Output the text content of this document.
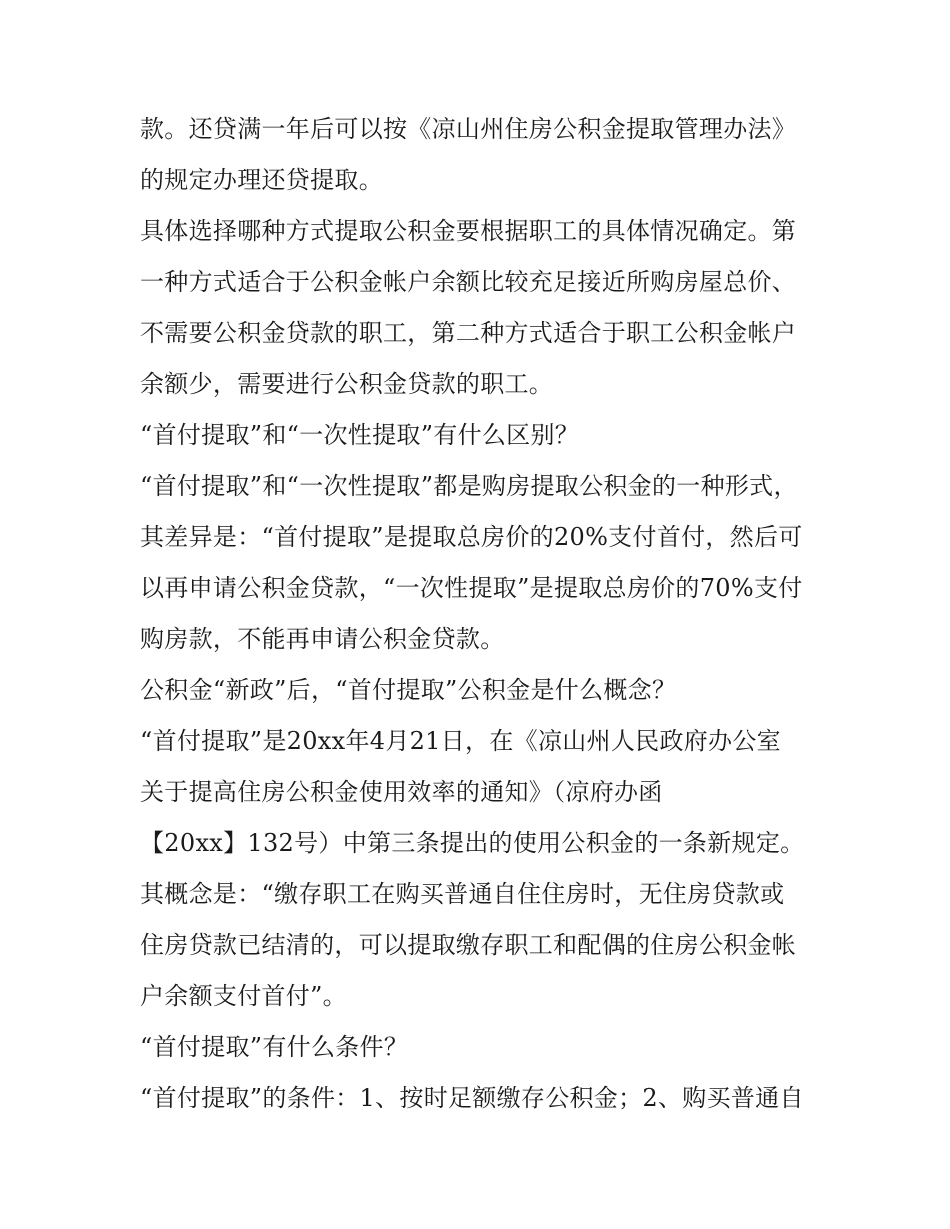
款。还贷满一年后可以按《凉山州住房公积金提取管理办法》
的规定办理还贷提取。
具体选择哪种方式提取公积金要根据职工的具体情况确定。第
一种方式适合于公积金帐户余额比较充足接近所购房屋总价、
不需要公积金贷款的职工，第二种方式适合于职工公积金帐户
余额少，需要进行公积金贷款的职工。
“首付提取”和“一次性提取”有什么区别？
“首付提取”和“一次性提取”都是购房提取公积金的一种形式，
其差异是：“首付提取”是提取总房价的20%支付首付，然后可
以再申请公积金贷款，“一次性提取”是提取总房价的70%支付
购房款，不能再申请公积金贷款。
公积金“新政”后，“首付提取”公积金是什么概念？
“首付提取”是20xx年4月21日，在《凉山州人民政府办公室
关于提高住房公积金使用效率的通知》（凉府办函
【20xx】132号）中第三条提出的使用公积金的一条新规定。
其概念是：“缴存职工在购买普通自住住房时，无住房贷款或
住房贷款已结清的，可以提取缴存职工和配偶的住房公积金帐
户余额支付首付”。
“首付提取”有什么条件？
“首付提取”的条件：1、按时足额缴存公积金；2、购买普通自
